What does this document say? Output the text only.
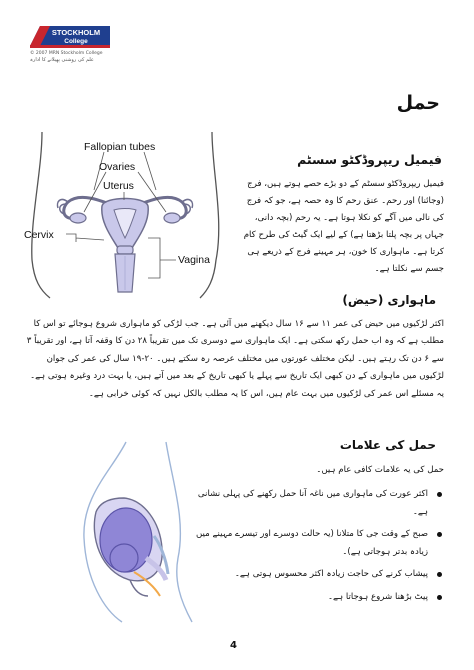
STOCKHOLM
College
© 2007 MRN Stockholm College
علم کی روشنی پھیلانے کا ادارہ
حمل
Fallopian tubes
Ovaries
Uterus
Cervix
Vagina
فیمیل ریپروڈکٹو سسٹم
فیمیل ریپروڈکٹو سسٹم کے دو بڑے حصے ہوتے ہیں، فرج (وجائنا) اور رحم۔ عنق رحم کا وہ حصہ ہے، جو کہ فرج کی نالی میں آگے کو نکلا ہوتا ہے۔ یہ رحم (بچہ دانی، جہاں پر بچہ پلتا بڑھتا ہے) کے لیے ایک گیٹ کی طرح کام کرتا ہے۔ ماہواری کا خون، ہر مہینے فرج کے ذریعے ہی جسم سے نکلتا ہے۔
ماہواری (حیض)
اکثر لڑکیوں میں حیض کی عمر ۱۱ سے ۱۶ سال دیکھنے میں آئی ہے۔ جب لڑکی کو ماہواری شروع ہوجائے تو اس کا مطلب ہے کہ وہ اب حمل رکھ سکتی ہے۔ ایک ماہواری سے دوسری تک میں تقریباً ۲۸ دن کا وقفہ آتا ہے، اور تقریباً ۳ سے ۶ دن تک رہتے ہیں۔ لیکن مختلف عورتوں میں مختلف عرصہ رہ سکتے ہیں۔ ۲۰-۱۹ سال کی عمر کی جوان لڑکیوں میں ماہواری کے دن کبھی ایک تاریخ سے پہلے یا کبھی تاریخ کے بعد میں آتے ہیں، یا بہت درد وغیرہ ہوتی ہے۔ یہ مسئلے اس عمر کی لڑکیوں میں بہت عام ہیں، اس کا یہ مطلب بالکل نہیں کہ کوئی خرابی ہے۔
حمل کی علامات
حمل کی یہ علامات کافی عام ہیں۔
اکثر عورت کی ماہواری میں ناغہ آنا حمل رکھنے کی پہلی نشانی ہے۔
صبح کے وقت جی کا متلانا (یہ حالت دوسرے اور تیسرے مہینے میں زیادہ بدتر ہوجاتی ہے)۔
پیشاب کرنے کی حاجت زیادہ اکثر محسوس ہوتی ہے۔
پیٹ بڑھنا شروع ہوجاتا ہے۔
4
